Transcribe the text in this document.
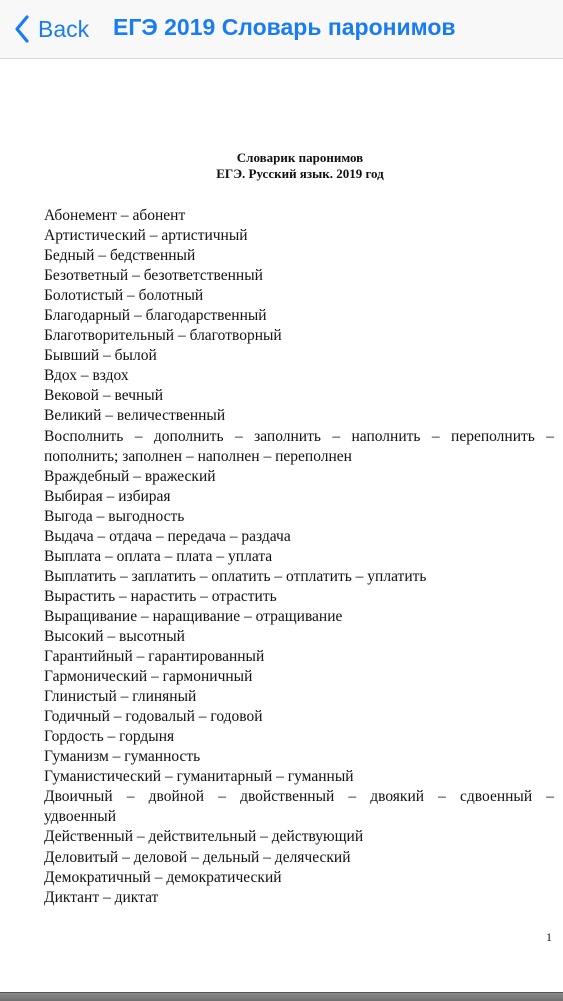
Back ЕГЭ 2019 Словарь паронимов
Словарик паронимов
ЕГЭ. Русский язык. 2019 год
Абонемент – абонент
Артистический – артистичный
Бедный – бедственный
Безответный – безответственный
Болотистый – болотный
Благодарный – благодарственный
Благотворительный – благотворный
Бывший – былой
Вдох – вздох
Вековой – вечный
Великий – величественный
Восполнить – дополнить – заполнить – наполнить – переполнить –
пополнить; заполнен – наполнен – переполнен
Враждебный – вражеский
Выбирая – избирая
Выгода – выгодность
Выдача – отдача – передача – раздача
Выплата – оплата – плата – уплата
Выплатить – заплатить – оплатить – отплатить – уплатить
Вырастить – нарастить – отрастить
Выращивание – наращивание – отращивание
Высокий – высотный
Гарантийный – гарантированный
Гармонический – гармоничный
Глинистый – глиняный
Годичный – годовалый – годовой
Гордость – гордыня
Гуманизм – гуманность
Гуманистический – гуманитарный – гуманный
Двоичный – двойной – двойственный – двоякий – сдвоенный –
удвоенный
Действенный – действительный – действующий
Деловитый – деловой – дельный – деляческий
Демократичный – демократический
Диктант – диктат
1
